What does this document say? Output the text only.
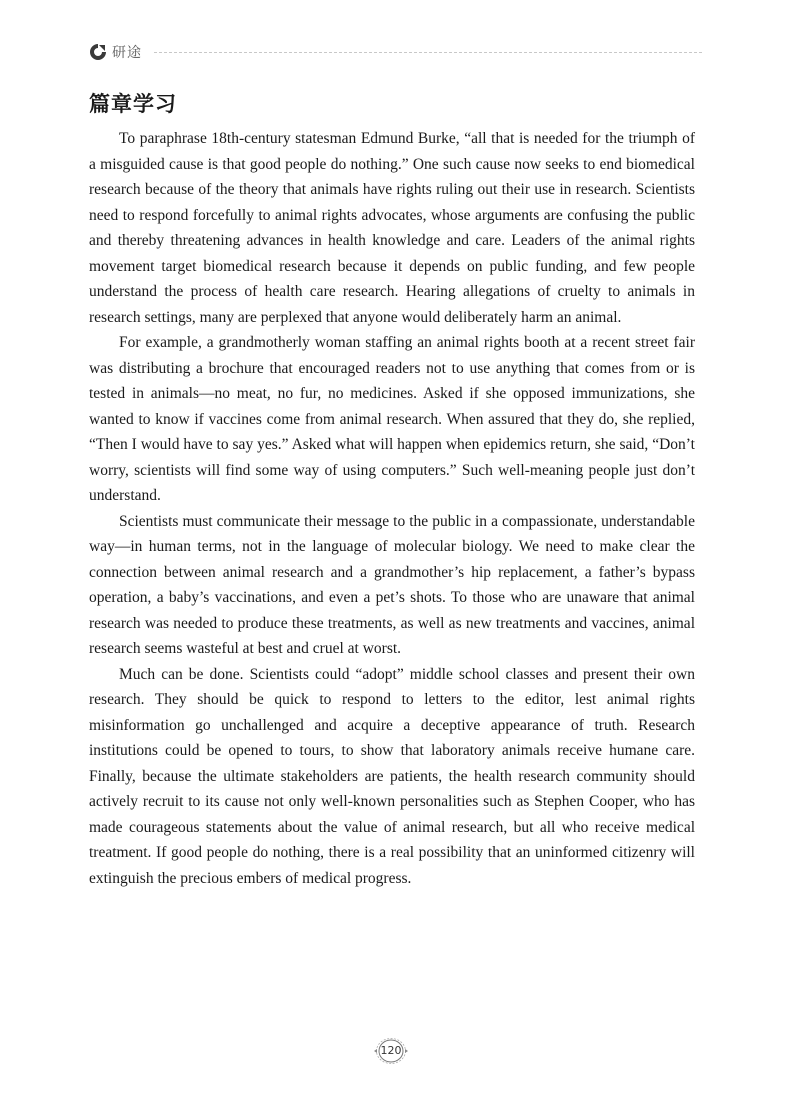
研途
篇章学习

To paraphrase 18th-century statesman Edmund Burke, “all that is needed for the triumph of a misguided cause is that good people do nothing.” One such cause now seeks to end biomedical research because of the theory that animals have rights ruling out their use in research. Scientists need to respond forcefully to animal rights advocates, whose arguments are confusing the public and thereby threatening advances in health knowledge and care. Leaders of the animal rights movement target biomedical research because it depends on public funding, and few people understand the process of health care research. Hearing allegations of cruelty to animals in research settings, many are perplexed that anyone would deliberately harm an animal.

For example, a grandmotherly woman staffing an animal rights booth at a recent street fair was distributing a brochure that encouraged readers not to use anything that comes from or is tested in animals—no meat, no fur, no medicines. Asked if she opposed immunizations, she wanted to know if vaccines come from animal research. When assured that they do, she replied, “Then I would have to say yes.” Asked what will happen when epidemics return, she said, “Don’t worry, scientists will find some way of using computers.” Such well-meaning people just don’t understand.

Scientists must communicate their message to the public in a compassionate, understandable way—in human terms, not in the language of molecular biology. We need to make clear the connection between animal research and a grandmother’s hip replacement, a father’s bypass operation, a baby’s vaccinations, and even a pet’s shots. To those who are unaware that animal research was needed to produce these treatments, as well as new treatments and vaccines, animal research seems wasteful at best and cruel at worst.

Much can be done. Scientists could “adopt” middle school classes and present their own research. They should be quick to respond to letters to the editor, lest animal rights misinformation go unchallenged and acquire a deceptive appearance of truth. Research institutions could be opened to tours, to show that laboratory animals receive humane care. Finally, because the ultimate stakeholders are patients, the health research community should actively recruit to its cause not only well-known personalities such as Stephen Cooper, who has made courageous statements about the value of animal research, but all who receive medical treatment. If good people do nothing, there is a real possibility that an uninformed citizenry will extinguish the precious embers of medical progress.

120
